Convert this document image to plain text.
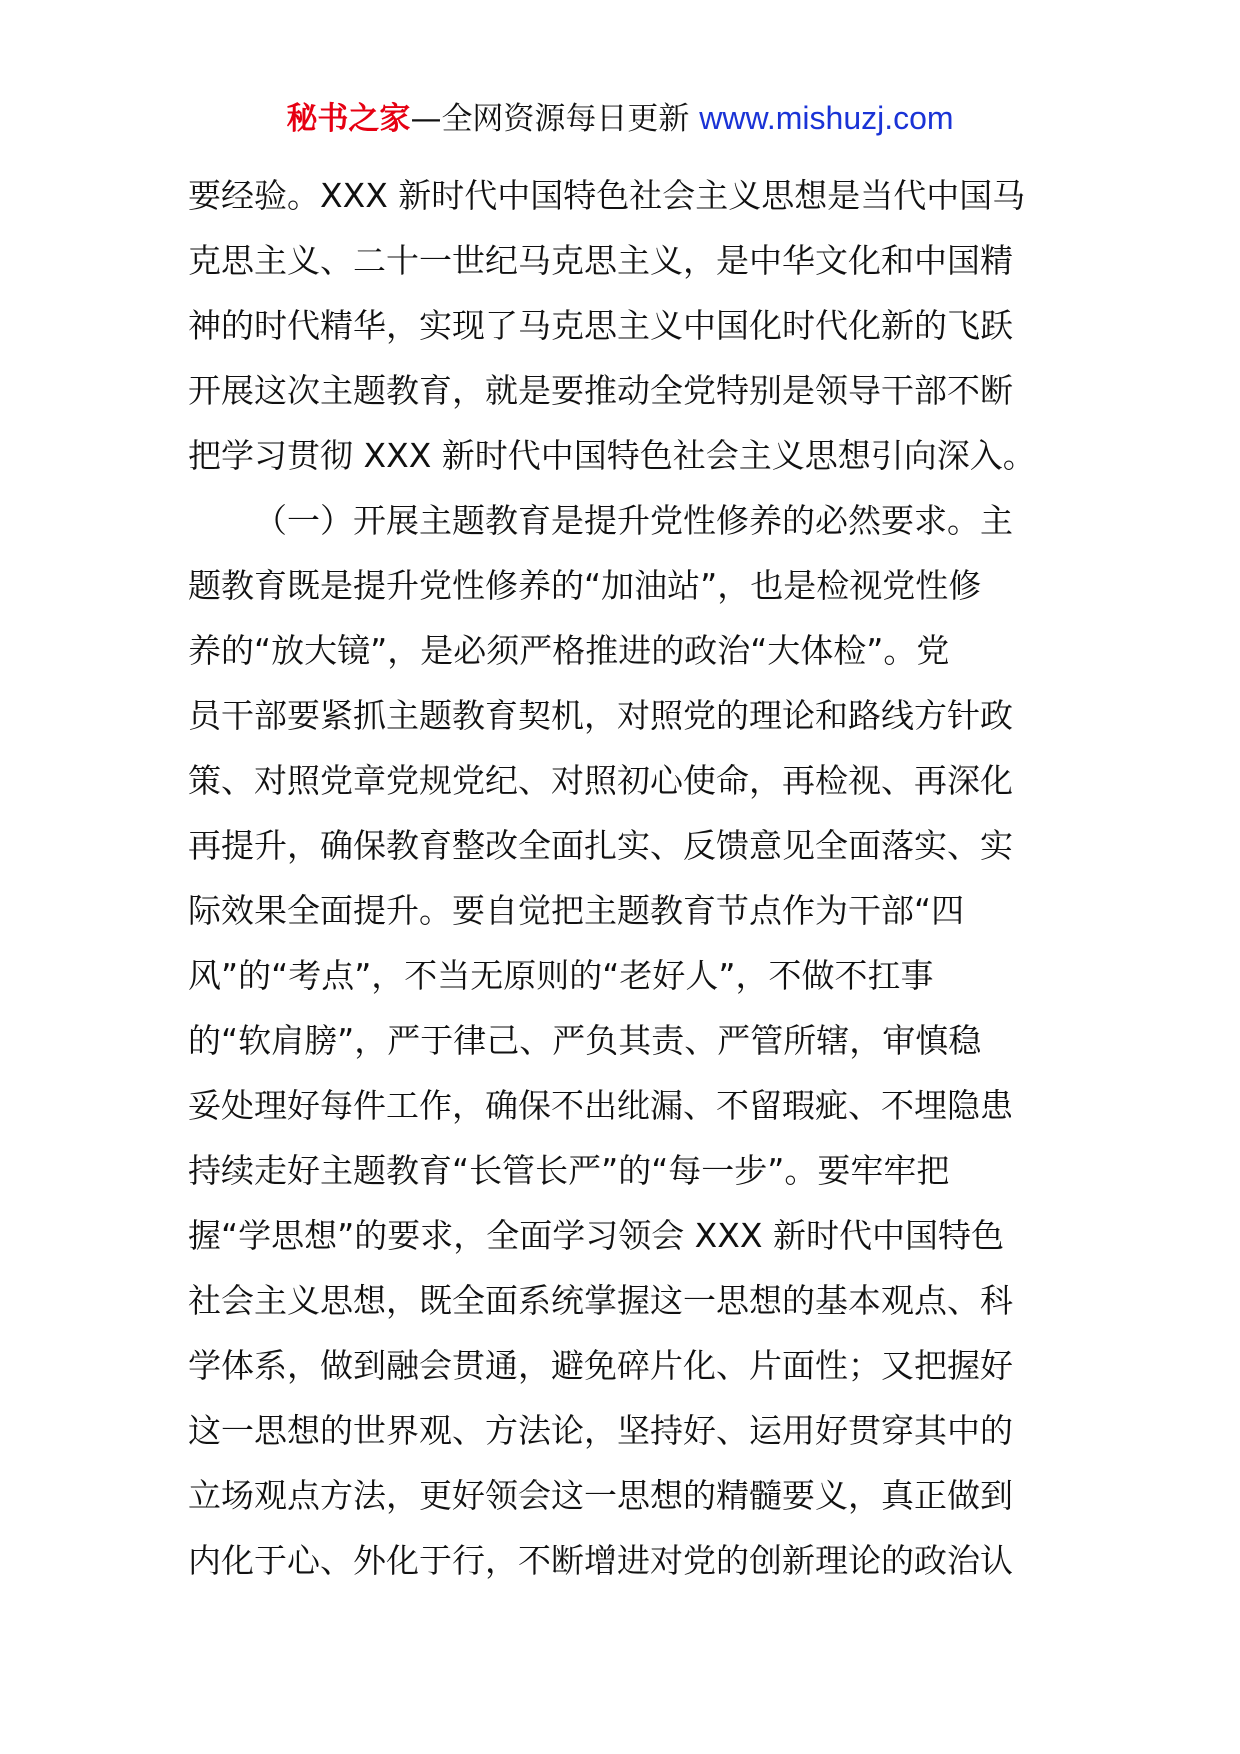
秘书之家—全网资源每日更新 www.mishuzj.com
要经验。XXX 新时代中国特色社会主义思想是当代中国马
克思主义、二十一世纪马克思主义，是中华文化和中国精
神的时代精华，实现了马克思主义中国化时代化新的飞跃
开展这次主题教育，就是要推动全党特别是领导干部不断
把学习贯彻 XXX 新时代中国特色社会主义思想引向深入。
（一）开展主题教育是提升党性修养的必然要求。主
题教育既是提升党性修养的“加油站”，也是检视党性修
养的“放大镜”，是必须严格推进的政治“大体检”。党
员干部要紧抓主题教育契机，对照党的理论和路线方针政
策、对照党章党规党纪、对照初心使命，再检视、再深化
再提升，确保教育整改全面扎实、反馈意见全面落实、实
际效果全面提升。要自觉把主题教育节点作为干部“四
风”的“考点”，不当无原则的“老好人”，不做不扛事
的“软肩膀”，严于律己、严负其责、严管所辖，审慎稳
妥处理好每件工作，确保不出纰漏、不留瑕疵、不埋隐患
持续走好主题教育“长管长严”的“每一步”。要牢牢把
握“学思想”的要求，全面学习领会 XXX 新时代中国特色
社会主义思想，既全面系统掌握这一思想的基本观点、科
学体系，做到融会贯通，避免碎片化、片面性；又把握好
这一思想的世界观、方法论，坚持好、运用好贯穿其中的
立场观点方法，更好领会这一思想的精髓要义，真正做到
内化于心、外化于行，不断增进对党的创新理论的政治认
